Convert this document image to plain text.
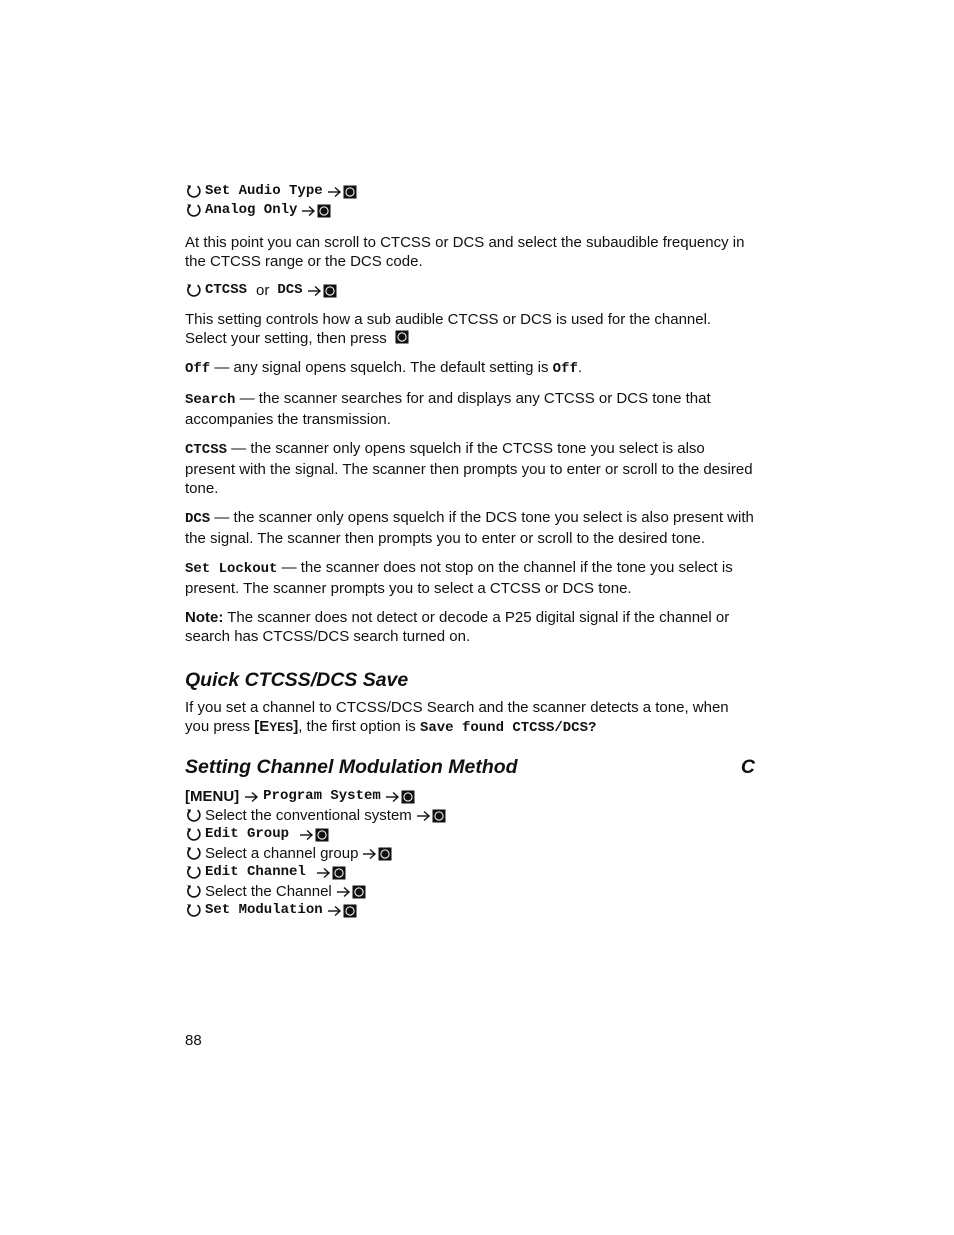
Set Audio Type
Analog Only

At this point you can scroll to CTCSS or DCS and select the subaudible frequency in the CTCSS range or the DCS code.

CTCSS or DCS

This setting controls how a sub audible CTCSS or DCS is used for the channel. Select your setting, then press

Off — any signal opens squelch. The default setting is Off.

Search — the scanner searches for and displays any CTCSS or DCS tone that accompanies the transmission.

CTCSS — the scanner only opens squelch if the CTCSS tone you select is also present with the signal. The scanner then prompts you to enter or scroll to the desired tone.

DCS — the scanner only opens squelch if the DCS tone you select is also present with the signal. The scanner then prompts you to enter or scroll to the desired tone.

Set Lockout — the scanner does not stop on the channel if the tone you select is present. The scanner prompts you to select a CTCSS or DCS tone.

Note: The scanner does not detect or decode a P25 digital signal if the channel or search has CTCSS/DCS search turned on.

Quick CTCSS/DCS Save

If you set a channel to CTCSS/DCS Search and the scanner detects a tone, when you press [EYES], the first option is Save found CTCSS/DCS?

Setting Channel Modulation Method	C
[MENU] Program System
Select the conventional system
Edit Group
Select a channel group
Edit Channel
Select the Channel
Set Modulation
88
